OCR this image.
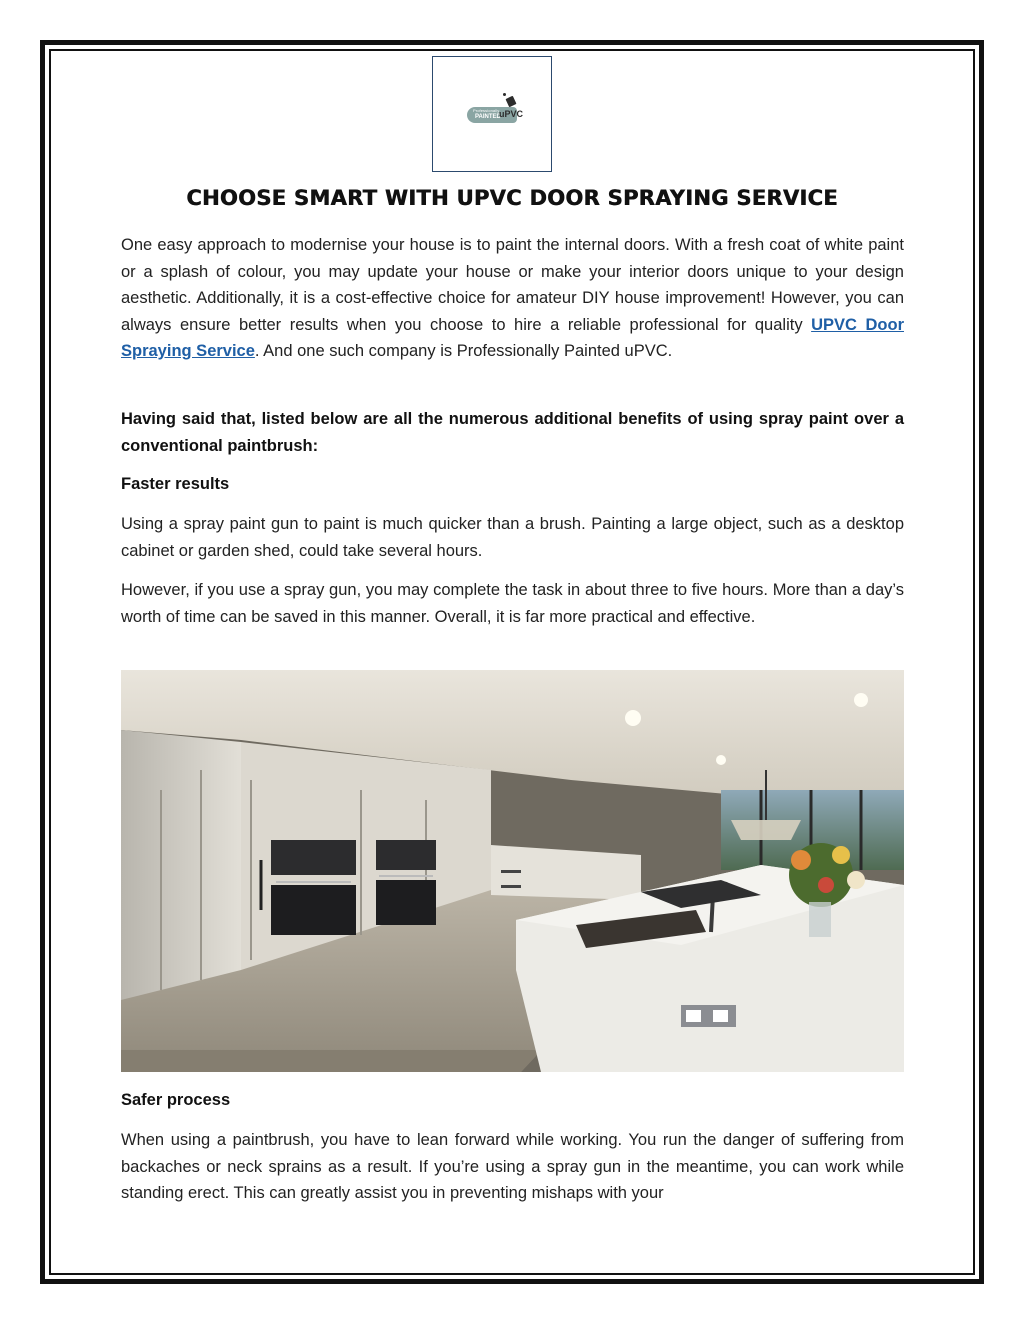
Professionally
PAINTED
uPVC
CHOOSE SMART WITH UPVC DOOR SPRAYING SERVICE

One easy approach to modernise your house is to paint the internal doors. With a fresh coat of white paint or a splash of colour, you may update your house or make your interior doors unique to your design aesthetic. Additionally, it is a cost-effective choice for amateur DIY house improvement! However, you can always ensure better results when you choose to hire a reliable professional for quality UPVC Door Spraying Service. And one such company is Professionally Painted uPVC.

Having said that, listed below are all the numerous additional benefits of using spray paint over a conventional paintbrush:

Faster results

Using a spray paint gun to paint is much quicker than a brush. Painting a large object, such as a desktop cabinet or garden shed, could take several hours.

However, if you use a spray gun, you may complete the task in about three to five hours. More than a day’s worth of time can be saved in this manner. Overall, it is far more practical and effective.

Safer process

When using a paintbrush, you have to lean forward while working. You run the danger of suffering from backaches or neck sprains as a result. If you’re using a spray gun in the meantime, you can work while standing erect. This can greatly assist you in preventing mishaps with your
